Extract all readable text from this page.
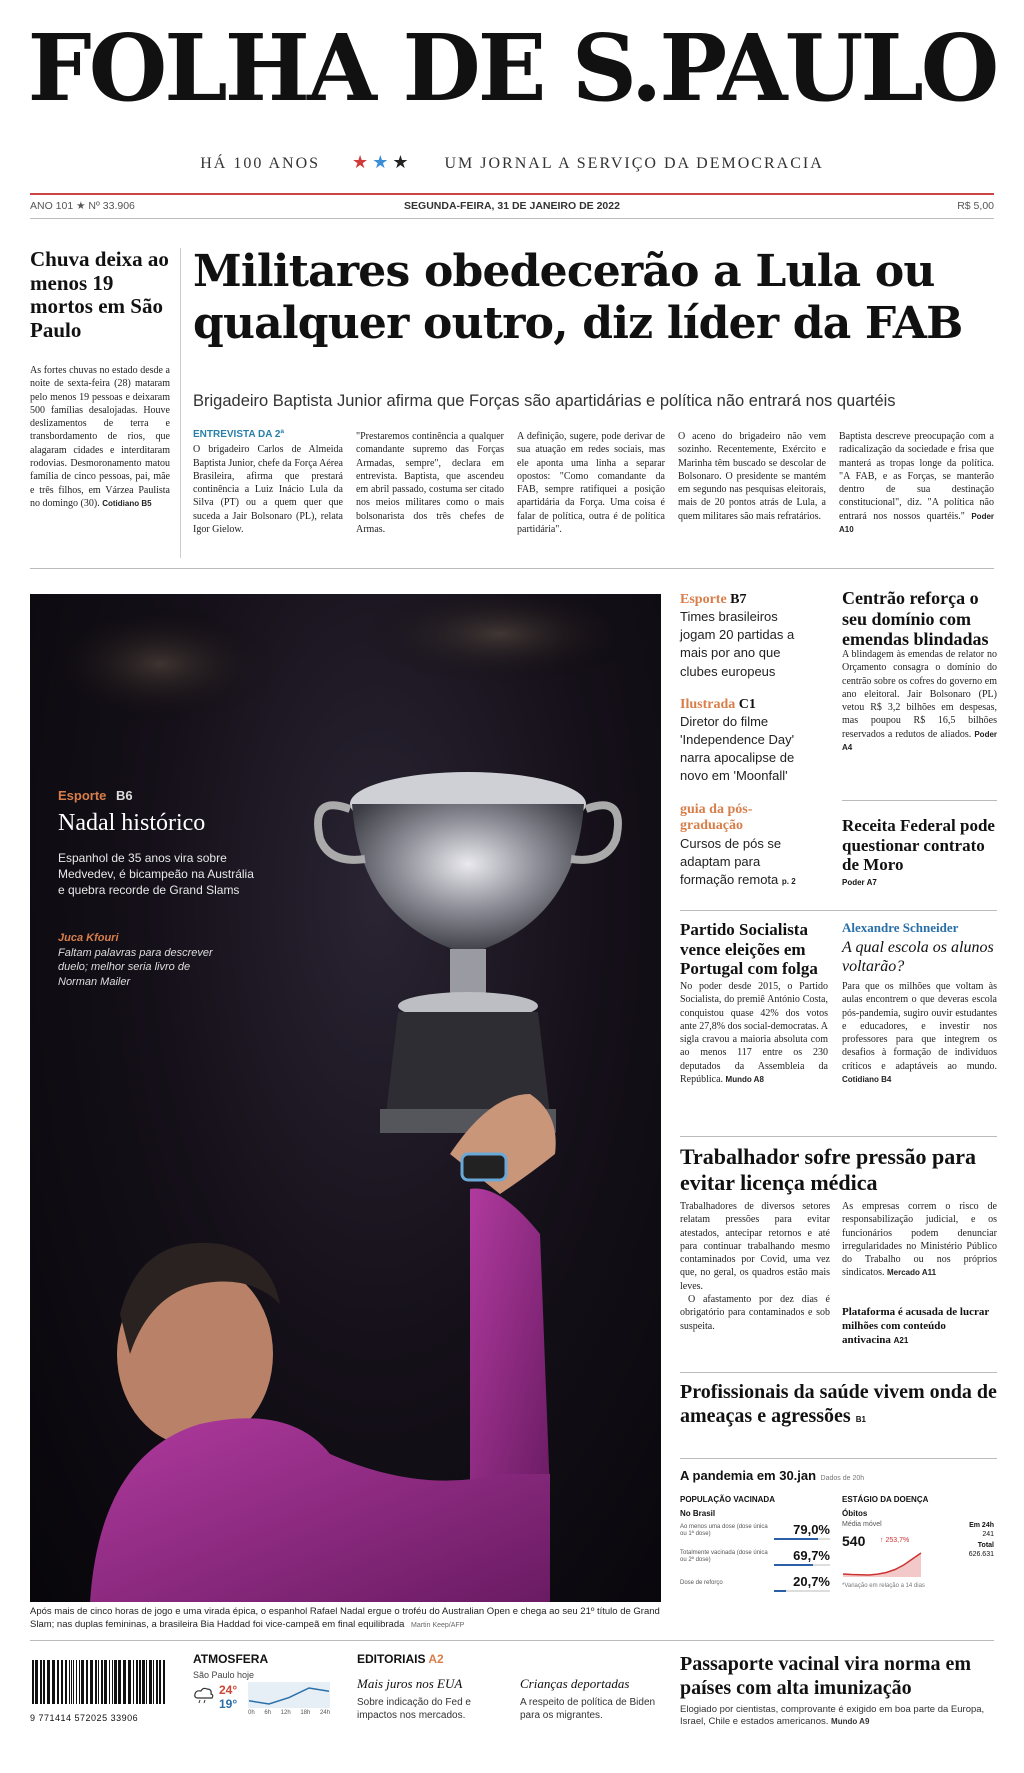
FOLHA DE S.PAULO
HÁ 100 ANOS ★★★ UM JORNAL A SERVIÇO DA DEMOCRACIA
ANO 101 ★ Nº 33.906	SEGUNDA-FEIRA, 31 DE JANEIRO DE 2022	R$ 5,00
Chuva deixa ao menos 19 mortos em São Paulo
As fortes chuvas no estado desde a noite de sexta-feira (28) mataram pelo menos 19 pessoas e deixaram 500 famílias desalojadas. Houve deslizamentos de terra e transbordamento de rios, que alagaram cidades e interditaram rodovias. Desmoronamento matou família de cinco pessoas, pai, mãe e três filhos, em Várzea Paulista no domingo (30). Cotidiano B5
Militares obedecerão a Lula ou qualquer outro, diz líder da FAB
Brigadeiro Baptista Junior afirma que Forças são apartidárias e política não entrará nos quartéis
ENTREVISTA DA 2ª
O brigadeiro Carlos de Almeida Baptista Junior, chefe da Força Aérea Brasileira, afirma que prestará continência a Luiz Inácio Lula da Silva (PT) ou a quem quer que suceda a Jair Bolsonaro (PL), relata Igor Gielow.
"Prestaremos continência a qualquer comandante supremo das Forças Armadas, sempre", declara em entrevista. Baptista, que ascendeu em abril passado, costuma ser citado nos meios militares como o mais bolsonarista dos três chefes de Armas.
A definição, sugere, pode derivar de sua atuação em redes sociais, mas ele aponta uma linha a separar opostos: "Como comandante da FAB, sempre ratifiquei a posição apartidária da Força. Uma coisa é falar de política, outra é de política partidária".
O aceno do brigadeiro não vem sozinho. Recentemente, Exército e Marinha têm buscado se descolar de Bolsonaro. O presidente se mantém em segundo nas pesquisas eleitorais, mais de 20 pontos atrás de Lula, a quem militares são mais refratários.
Baptista descreve preocupação com a radicalização da sociedade e frisa que manterá as tropas longe da política. "A FAB, e as Forças, se manterão dentro de sua destinação constitucional", diz. "A política não entrará nos nossos quartéis." Poder A10
Esporte B6
Nadal histórico
Espanhol de 35 anos vira sobre Medvedev, é bicampeão na Austrália e quebra recorde de Grand Slams
Juca Kfouri
Faltam palavras para descrever duelo; melhor seria livro de Norman Mailer
Após mais de cinco horas de jogo e uma virada épica, o espanhol Rafael Nadal ergue o troféu do Australian Open e chega ao seu 21º título de Grand Slam; nas duplas femininas, a brasileira Bia Haddad foi vice-campeã em final equilibrada Martin Keep/AFP
Esporte B7
Times brasileiros jogam 20 partidas a mais por ano que clubes europeus
Ilustrada C1
Diretor do filme 'Independence Day' narra apocalipse de novo em 'Moonfall'
guia da pós-graduação
Cursos de pós se adaptam para formação remota p. 2
Centrão reforça o seu domínio com emendas blindadas
A blindagem às emendas de relator no Orçamento consagra o domínio do centrão sobre os cofres do governo em ano eleitoral. Jair Bolsonaro (PL) vetou R$ 3,2 bilhões em despesas, mas poupou R$ 16,5 bilhões reservados a redutos de aliados. Poder A4
Receita Federal pode questionar contrato de Moro
Poder A7
Partido Socialista vence eleições em Portugal com folga
No poder desde 2015, o Partido Socialista, do premiê António Costa, conquistou quase 42% dos votos ante 27,8% dos social-democratas. A sigla cravou a maioria absoluta com ao menos 117 entre os 230 deputados da Assembleia da República. Mundo A8
Alexandre Schneider
A qual escola os alunos voltarão?
Para que os milhões que voltam às aulas encontrem o que deveras escola pós-pandemia, sugiro ouvir estudantes e educadores, e investir nos professores para que integrem os desafios à formação de indivíduos críticos e adaptáveis ao mundo. Cotidiano B4
Trabalhador sofre pressão para evitar licença médica
Trabalhadores de diversos setores relatam pressões para evitar atestados, antecipar retornos e até para continuar trabalhando mesmo contaminados por Covid, uma vez que, no geral, os quadros estão mais leves.
O afastamento por dez dias é obrigatório para contaminados e sob suspeita.
As empresas correm o risco de responsabilização judicial, e os funcionários podem denunciar irregularidades no Ministério Público do Trabalho ou nos próprios sindicatos. Mercado A11
Plataforma é acusada de lucrar milhões com conteúdo antivacina A21
Profissionais da saúde vivem onda de ameaças e agressões B1
A pandemia em 30.jan Dados de 20h
POPULAÇÃO VACINADA
No Brasil
Ao menos uma dose (dose única ou 1ª dose)	79,0%
Totalmente vacinada (dose única ou 2ª dose)	69,7%
Dose de reforço	20,7%
ESTÁGIO DA DOENÇA
Óbitos
Média móvel
540 ↑ 253,7%
Em 24h
241
Total
626.631
*Variação em relação a 14 dias
9 771414 572025 33906
ATMOSFERA
São Paulo hoje
24°
19°
0h 6h 12h 18h 24h
EDITORIAIS A2
Mais juros nos EUA
Sobre indicação do Fed e impactos nos mercados.
Crianças deportadas
A respeito de política de Biden para os migrantes.
Passaporte vacinal vira norma em países com alta imunização
Elogiado por cientistas, comprovante é exigido em boa parte da Europa, Israel, Chile e estados americanos. Mundo A9
